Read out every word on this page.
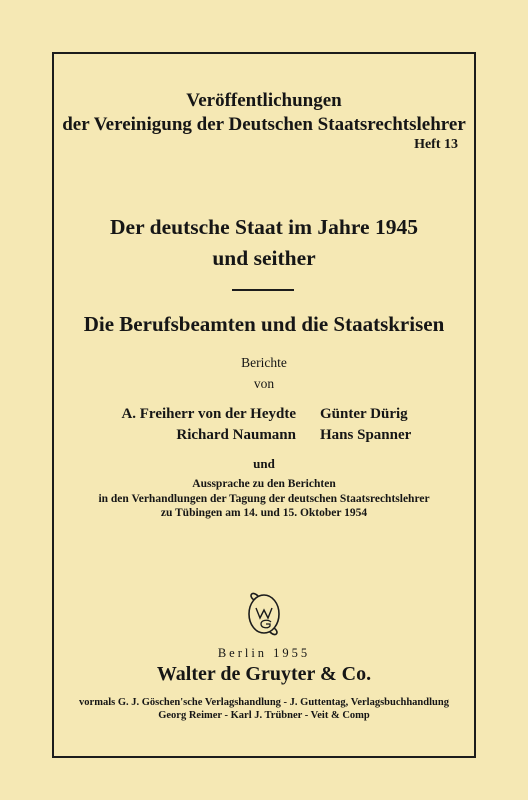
Veröffentlichungen
der Vereinigung der Deutschen Staatsrechtslehrer
Heft 13
Der deutsche Staat im Jahre 1945
und seither
Die Berufsbeamten und die Staatskrisen
Berichte
von
A. Freiherr von der Heydte
Richard Naumann
Günter Dürig
Hans Spanner
und
Aussprache zu den Berichten
in den Verhandlungen der Tagung der deutschen Staatsrechtslehrer
zu Tübingen am 14. und 15. Oktober 1954
Berlin 1955
Walter de Gruyter & Co.
vormals G. J. Göschen'sche Verlagshandlung - J. Guttentag, Verlagsbuchhandlung
Georg Reimer - Karl J. Trübner - Veit & Comp
